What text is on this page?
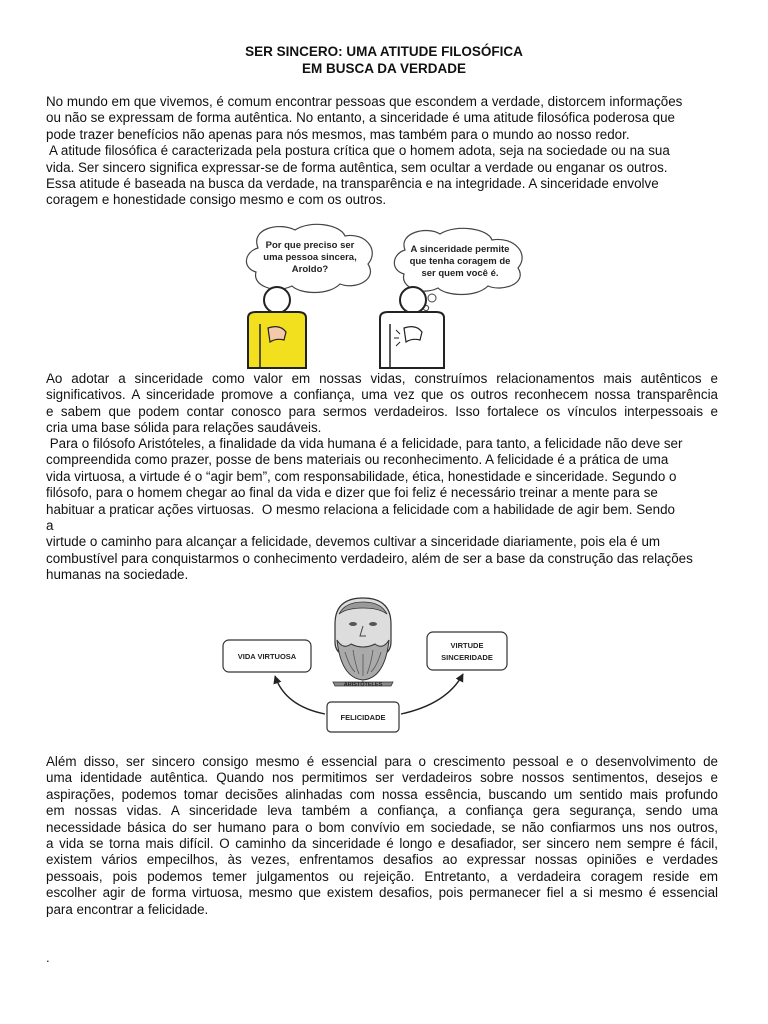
SER SINCERO: UMA ATITUDE FILOSÓFICA
EM BUSCA DA VERDADE

No mundo em que vivemos, é comum encontrar pessoas que escondem a verdade, distorcem informações
ou não se expressam de forma autêntica. No entanto, a sinceridade é uma atitude filosófica poderosa que
pode trazer benefícios não apenas para nós mesmos, mas também para o mundo ao nosso redor.
A atitude filosófica é caracterizada pela postura crítica que o homem adota, seja na sociedade ou na sua
vida. Ser sincero significa expressar-se de forma autêntica, sem ocultar a verdade ou enganar os outros.
Essa atitude é baseada na busca da verdade, na transparência e na integridade. A sinceridade envolve
coragem e honestidade consigo mesmo e com os outros.

Por que preciso ser
uma pessoa sincera,
Aroldo?
A sinceridade permite
que tenha coragem de
ser quem você é.

Ao adotar a sinceridade como valor em nossas vidas, construímos relacionamentos mais autênticos e
significativos. A sinceridade promove a confiança, uma vez que os outros reconhecem nossa transparência
e sabem que podem contar conosco para sermos verdadeiros. Isso fortalece os vínculos interpessoais e
cria uma base sólida para relações saudáveis.

Para o filósofo Aristóteles, a finalidade da vida humana é a felicidade, para tanto, a felicidade não deve ser
compreendida como prazer, posse de bens materiais ou reconhecimento. A felicidade é a prática de uma
vida virtuosa, a virtude é o “agir bem”, com responsabilidade, ética, honestidade e sinceridade. Segundo o
filósofo, para o homem chegar ao final da vida e dizer que foi feliz é necessário treinar a mente para se
habituar a praticar ações virtuosas.  O mesmo relaciona a felicidade com a habilidade de agir bem. Sendo
a
virtude o caminho para alcançar a felicidade, devemos cultivar a sinceridade diariamente, pois ela é um
combustível para conquistarmos o conhecimento verdadeiro, além de ser a base da construção das relações
humanas na sociedade.

ARISTÓTELES
VIDA VIRTUOSA
VIRTUDE
SINCERIDADE
FELICIDADE

Além disso, ser sincero consigo mesmo é essencial para o crescimento pessoal e o desenvolvimento de
uma identidade autêntica. Quando nos permitimos ser verdadeiros sobre nossos sentimentos, desejos e
aspirações, podemos tomar decisões alinhadas com nossa essência, buscando um sentido mais profundo
em nossas vidas. A sinceridade leva também a confiança, a confiança gera segurança, sendo uma
necessidade básica do ser humano para o bom convívio em sociedade, se não confiarmos uns nos outros,
a vida se torna mais difícil. O caminho da sinceridade é longo e desafiador, ser sincero nem sempre é fácil,
existem vários empecilhos, às vezes, enfrentamos desafios ao expressar nossas opiniões e verdades
pessoais, pois podemos temer julgamentos ou rejeição. Entretanto, a verdadeira coragem reside em
escolher agir de forma virtuosa, mesmo que existem desafios, pois permanecer fiel a si mesmo é essencial
para encontrar a felicidade.

.
